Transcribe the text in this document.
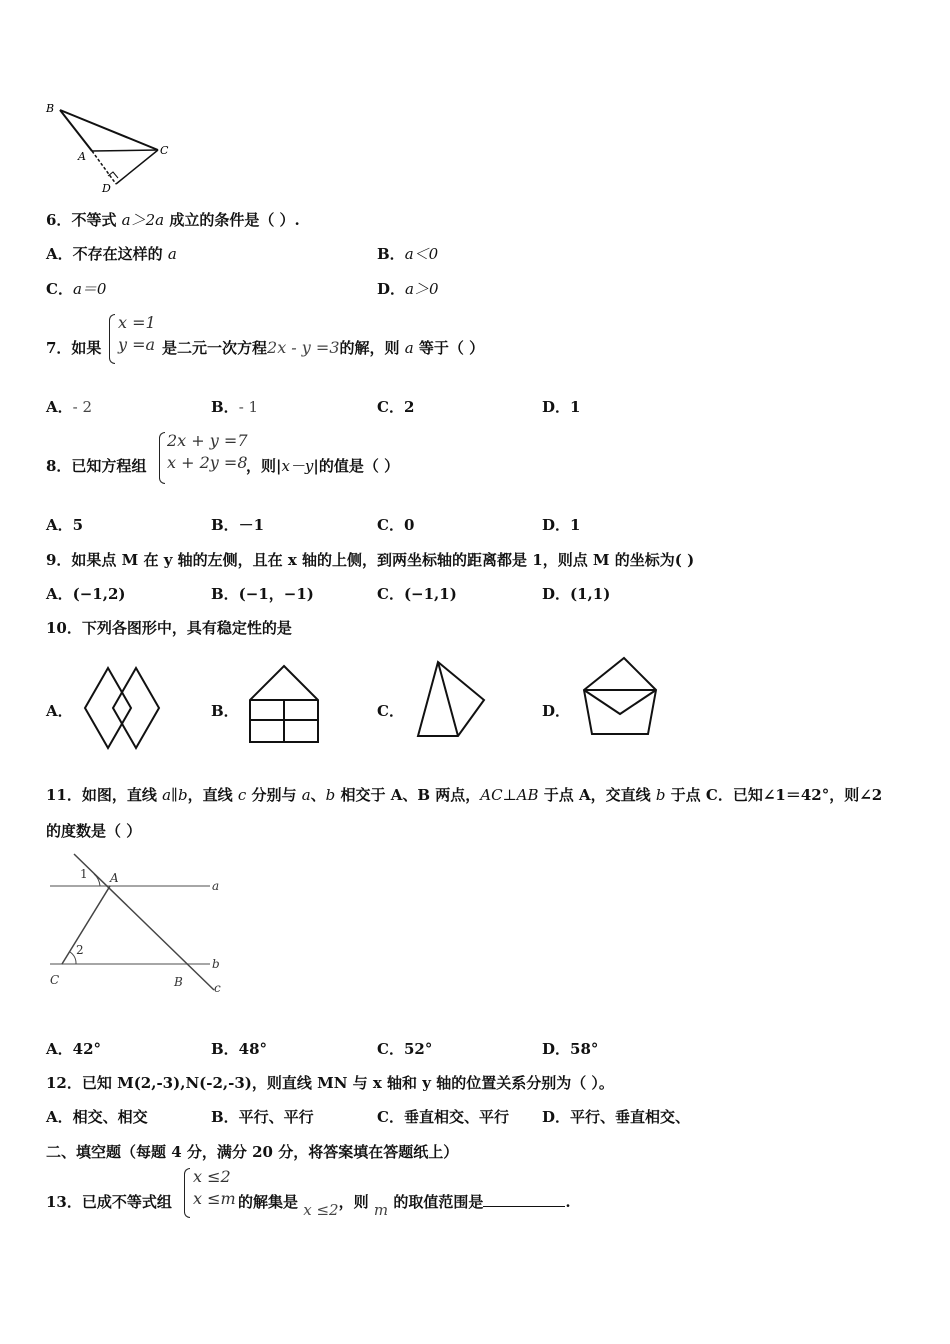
B
C
A
D
6．不等式 a＞2a 成立的条件是（ ）.
A．不存在这样的 a	B．a＜0
C．a＝0	D．a＞0
7．如果
x =1
y =a 是二元一次方程2x - y =3的解，则 a 等于（ ）
A．- 2	B．- 1	C．2	D．1
8．已知方程组
2x + y =7
x + 2y =8
，则|x－y|的值是（ ）
A．5	B．－1	C．0	D．1
9．如果点 M 在 y 轴的左侧，且在 x 轴的上侧，到两坐标轴的距离都是 1，则点 M 的坐标为( )
A．(−1,2)	B．(−1，−1)	C．(−1,1)	D．(1,1)
10．下列各图形中，具有稳定性的是
A．	B．	C．	D．
11．如图，直线 a∥b，直线 c 分别与 a、b 相交于 A、B 两点，AC⊥AB 于点 A，交直线 b 于点 C．已知∠1＝42°，则∠2
的度数是（ ）
1 A
a
2
C	B
b
c
A．42°	B．48°	C．52°	D．58°
12．已知 M(2,-3),N(-2,-3)，则直线 MN 与 x 轴和 y 轴的位置关系分别为（ ）。
A．相交、相交	B．平行、平行	C．垂直相交、平行 D．平行、垂直相交、
二、填空题（每题 4 分，满分 20 分，将答案填在答题纸上）
13．已成不等式组
x ≤2
x ≤m 的解集是 x ≤2，则 m 的取值范围是	.
